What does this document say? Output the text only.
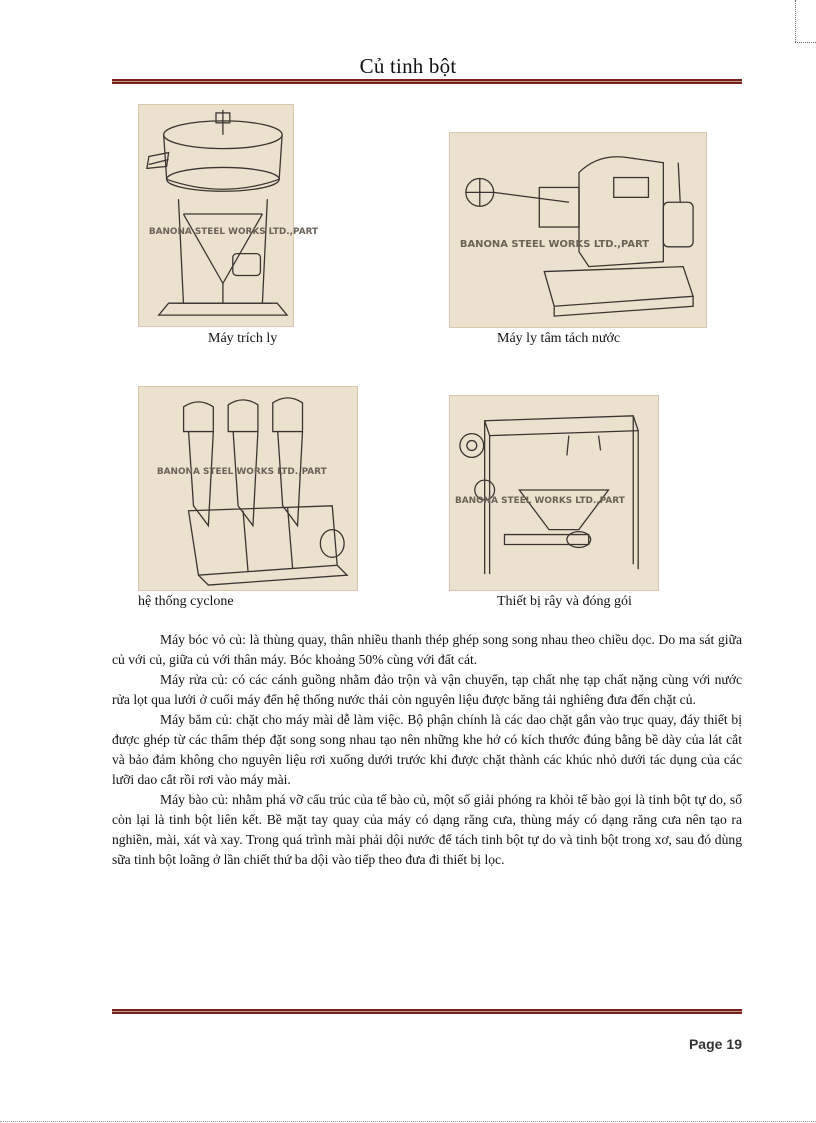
Củ tinh bột
BANONA STEEL WORKS LTD.,PART
Máy trích ly
BANONA STEEL WORKS LTD.,PART
Máy ly tâm tách nước
BANONA STEEL WORKS LTD.,PART
hệ thống cyclone
BANONA STEEL WORKS LTD.,PART
Thiết bị rây và đóng gói

Máy bóc vỏ củ: là thùng quay, thân nhiều thanh thép ghép song song nhau theo chiều dọc. Do ma sát giữa củ với củ, giữa củ với thân máy. Bóc khoảng 50% cùng với đất cát.

Máy rửa củ: có các cánh guồng nhằm đảo trộn và vận chuyển, tạp chất nhẹ tạp chất nặng cùng với nước rửa lọt qua lưới ở cuối máy đến hệ thống nước thải còn nguyên liệu được băng tải nghiêng đưa đến chặt củ.

Máy băm củ: chặt cho máy mài dễ làm việc. Bộ phận chính là các dao chặt gắn vào trục quay, đáy thiết bị được ghép từ các thẩm thép đặt song song nhau tạo nên những khe hở có kích thước đúng bằng bề dày của lát cắt và bảo đảm không cho nguyên liệu rơi xuống dưới trước khi được chặt thành các khúc nhỏ dưới tác dụng của các lưỡi dao cắt rồi rơi vào máy mài.

Máy bào củ: nhằm phá vỡ cấu trúc của tế bào củ, một số giải phóng ra khỏi tế bào gọi là tinh bột tự do, số còn lại là tinh bột liên kết. Bề mặt tay quay của máy có dạng răng cưa, thùng máy có dạng răng cưa nên tạo ra nghiền, mài, xát và xay. Trong quá trình mài phải dội nước để tách tinh bột tự do và tinh bột trong xơ, sau đó dùng sữa tinh bột loãng ở lần chiết thứ ba dội vào tiếp theo đưa đi thiết bị lọc.

Page 19
